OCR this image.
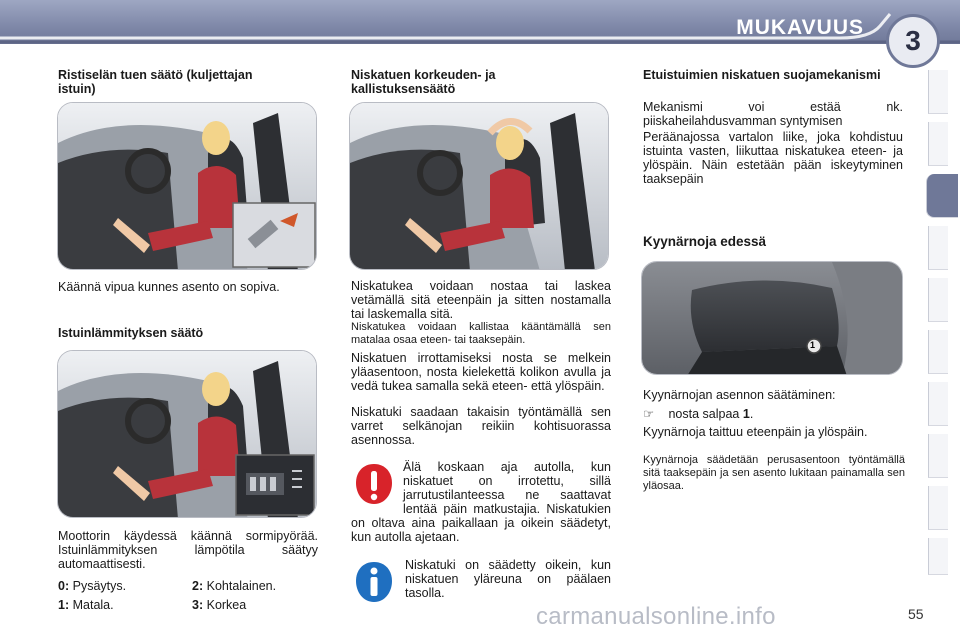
MUKAVUUS	3
Ristiselän tuen säätö (kuljettajan istuin)
Käännä vipua kunnes asento on sopiva.
Istuinlämmityksen säätö
Moottorin käydessä käännä sormipyörää. Istuinlämmityksen lämpötila säätyy automaattisesti.
0: Pysäytys.	2: Kohtalainen.
1: Matala.	3: Korkea
Niskatuen korkeuden- ja kallistuksensäätö
Niskatukea voidaan nostaa tai laskea vetämällä sitä eteenpäin ja sitten nostamalla tai laskemalla sitä.
Niskatukea voidaan kallistaa kääntämällä sen matalaa osaa eteen- tai taaksepäin.
Niskatuen irrottamiseksi nosta se melkein yläasentoon, nosta kielekettä kolikon avulla ja vedä tukea samalla sekä eteen- että ylöspäin.
Niskatuki saadaan takaisin työntämällä sen varret selkänojan reikiin kohtisuorassa asennossa.
Älä koskaan aja autolla, kun niskatuet on irrotettu, sillä jarrutustilanteessa ne saattavat lentää päin matkustajia. Niskatukien on oltava aina paikallaan ja oikein säädetyt, kun autolla ajetaan.
Niskatuki on säädetty oikein, kun niskatuen yläreuna on päälaen tasolla.
Etuistuimien niskatuen suojamekanismi
Mekanismi voi estää nk. piiskaheilahdusvamman syntymisen
Peräänajossa vartalon liike, joka kohdistuu istuinta vasten, liikuttaa niskatukea eteen- ja ylöspäin. Näin estetään pään iskeytyminen taaksepäin
Kyynärnoja edessä
1
Kyynärnojan asennon säätäminen:
☞ nosta salpaa 1.
Kyynärnoja taittuu eteenpäin ja ylöspäin.
Kyynärnoja säädetään perusasentoon työntämällä sitä taaksepäin ja sen asento lukitaan painamalla sen yläosaa.
55
carmanualsonline.info
